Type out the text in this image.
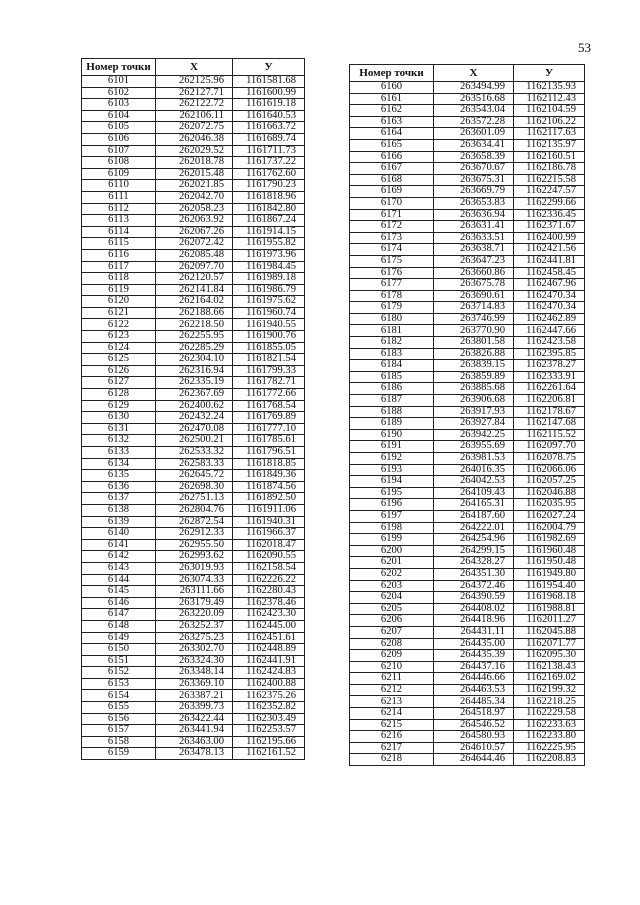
53
Номер точки	X	У
6101	262125.96	1161581.68
6102	262127.71	1161600.99
6103	262122.72	1161619.18
6104	262106.11	1161640.53
6105	262072.75	1161663.72
6106	262046.38	1161689.74
6107	262029.52	1161711.73
6108	262018.78	1161737.22
6109	262015.48	1161762.60
6110	262021.85	1161790.23
6111	262042.70	1161818.96
6112	262058.23	1161842.80
6113	262063.92	1161867.24
6114	262067.26	1161914.15
6115	262072.42	1161955.82
6116	262085.48	1161973.96
6117	262097.70	1161984.45
6118	262120.57	1161989.18
6119	262141.84	1161986.79
6120	262164.02	1161975.62
6121	262188.66	1161960.74
6122	262218.50	1161940.55
6123	262255.95	1161900.76
6124	262285.29	1161855.05
6125	262304.10	1161821.54
6126	262316.94	1161799.33
6127	262335.19	1161782.71
6128	262367.69	1161772.66
6129	262400.62	1161768.54
6130	262432.24	1161769.89
6131	262470.08	1161777.10
6132	262500.21	1161785.61
6133	262533.32	1161796.51
6134	262583.33	1161818.85
6135	262645.72	1161849.36
6136	262698.30	1161874.56
6137	262751.13	1161892.50
6138	262804.76	1161911.06
6139	262872.54	1161940.31
6140	262912.33	1161966.37
6141	262955.50	1162018.47
6142	262993.62	1162090.55
6143	263019.93	1162158.54
6144	263074.33	1162226.22
6145	263111.66	1162280.43
6146	263179.49	1162378.46
6147	263220.09	1162423.30
6148	263252.37	1162445.00
6149	263275.23	1162451.61
6150	263302.70	1162448.89
6151	263324.30	1162441.91
6152	263348.14	1162424.83
6153	263369.10	1162400.88
6154	263387.21	1162375.26
6155	263399.73	1162352.82
6156	263422.44	1162303.49
6157	263441.94	1162253.57
6158	263463.00	1162195.66
6159	263478.13	1162161.52
Номер точки	X	У
6160	263494.99	1162135.93
6161	263516.68	1162112.43
6162	263543.04	1162104.59
6163	263572.28	1162106.22
6164	263601.09	1162117.63
6165	263634.41	1162135.97
6166	263658.39	1162160.51
6167	263670.67	1162186.78
6168	263675.31	1162215.58
6169	263669.79	1162247.57
6170	263653.83	1162299.66
6171	263636.94	1162336.45
6172	263631.41	1162371.67
6173	263633.51	1162400.99
6174	263638.71	1162421.56
6175	263647.23	1162441.81
6176	263660.86	1162458.45
6177	263675.78	1162467.96
6178	263690.61	1162470.34
6179	263714.83	1162470.34
6180	263746.99	1162462.89
6181	263770.90	1162447.66
6182	263801.58	1162423.58
6183	263826.88	1162395.85
6184	263839.15	1162378.27
6185	263859.89	1162333.91
6186	263885.68	1162261.64
6187	263906.68	1162206.81
6188	263917.93	1162178.67
6189	263927.84	1162147.68
6190	263942.25	1162115.52
6191	263955.69	1162097.70
6192	263981.53	1162078.75
6193	264016.35	1162066.06
6194	264042.53	1162057.25
6195	264109.43	1162046.88
6196	264165.31	1162035.95
6197	264187.60	1162027.24
6198	264222.01	1162004.79
6199	264254.96	1161982.69
6200	264299.15	1161960.48
6201	264328.27	1161950.48
6202	264351.30	1161949.80
6203	264372.46	1161954.40
6204	264390.59	1161968.18
6205	264408.02	1161988.81
6206	264418.96	1162011.27
6207	264431.11	1162045.88
6208	264435.00	1162071.77
6209	264435.39	1162095.30
6210	264437.16	1162138.43
6211	264446.66	1162169.02
6212	264463.53	1162199.32
6213	264485.34	1162218.25
6214	264518.97	1162229.58
6215	264546.52	1162233.63
6216	264580.93	1162233.80
6217	264610.57	1162225.95
6218	264644.46	1162208.83
